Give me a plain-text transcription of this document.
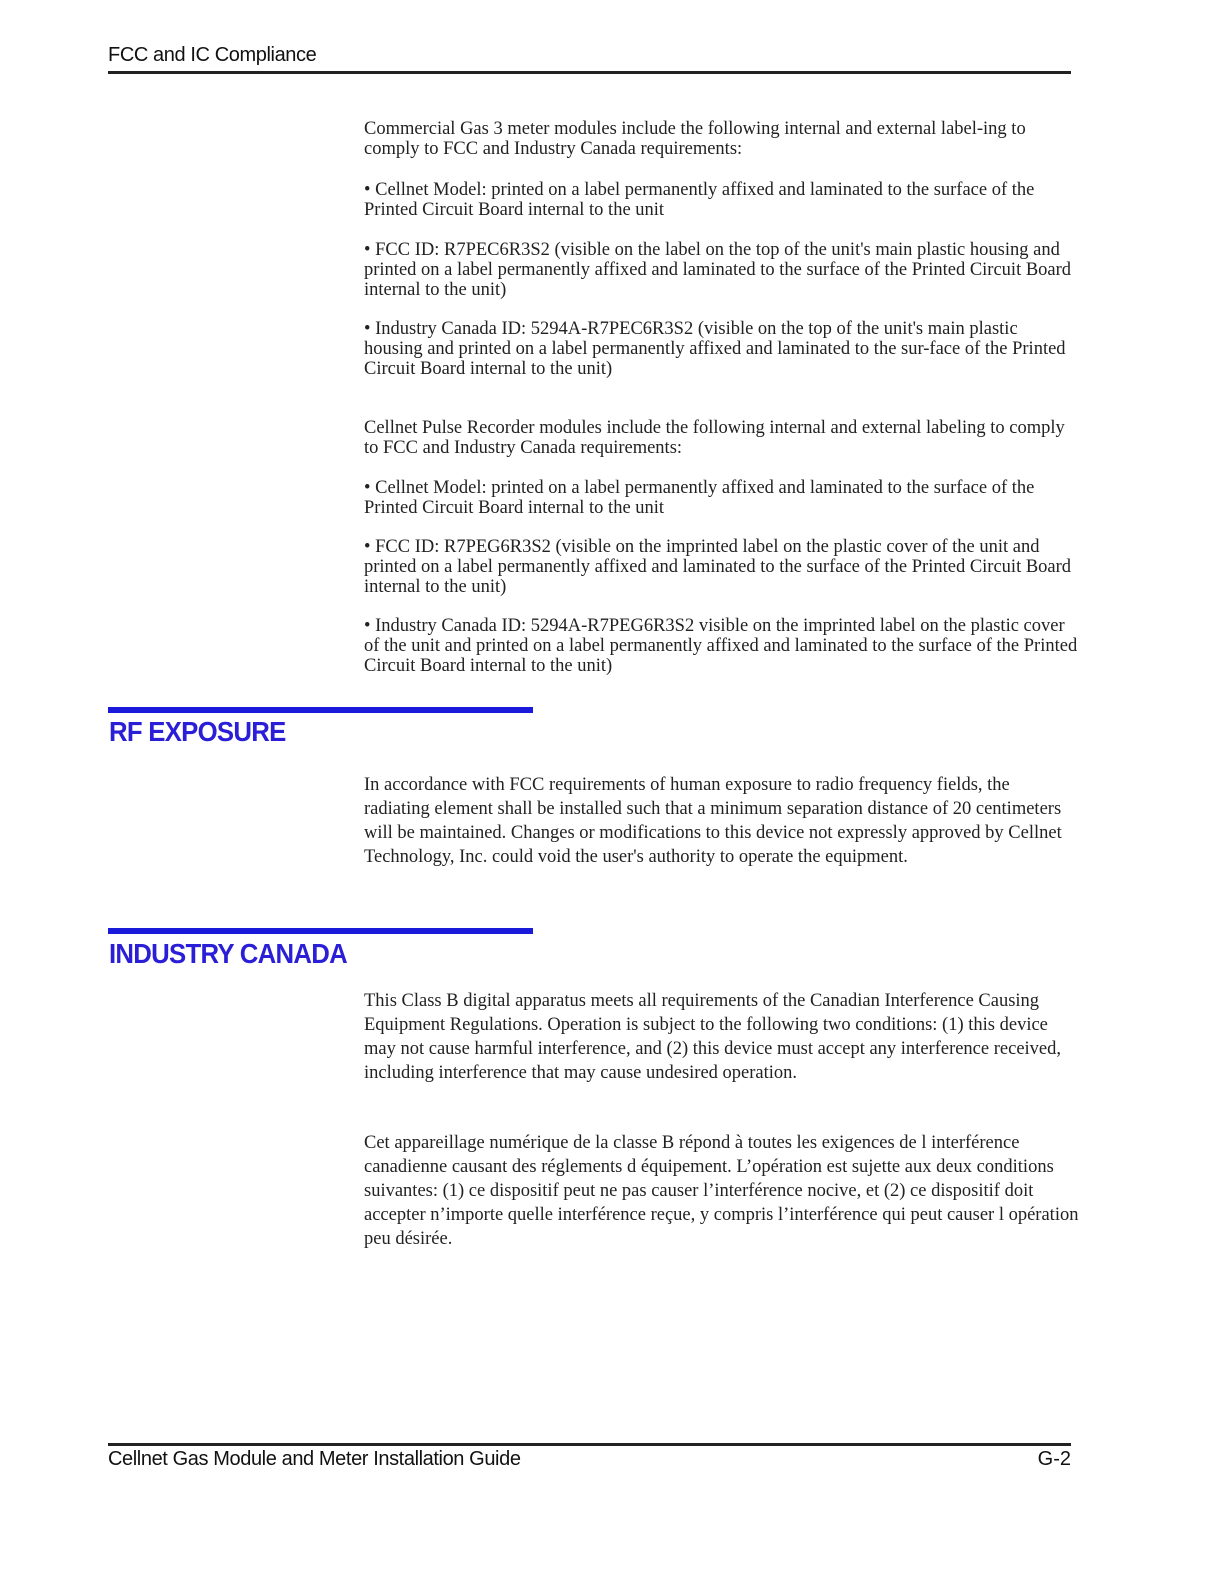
FCC and IC Compliance

Commercial Gas 3 meter modules include the following internal and external label-ing to comply to FCC and Industry Canada requirements:

• Cellnet Model: printed on a label permanently affixed and laminated to the surface of the Printed Circuit Board internal to the unit

• FCC ID: R7PEC6R3S2 (visible on the label on the top of the unit's main plastic housing and printed on a label permanently affixed and laminated to the surface of the Printed Circuit Board internal to the unit)

• Industry Canada ID: 5294A-R7PEC6R3S2 (visible on the top of the unit's main plastic housing and printed on a label permanently affixed and laminated to the sur-face of the Printed Circuit Board internal to the unit)

Cellnet Pulse Recorder modules include the following internal and external labeling to comply to FCC and Industry Canada requirements:

• Cellnet Model: printed on a label permanently affixed and laminated to the surface of the Printed Circuit Board internal to the unit

• FCC ID: R7PEG6R3S2 (visible on the imprinted label on the plastic cover of the unit and printed on a label permanently affixed and laminated to the surface of the Printed Circuit Board internal to the unit)

• Industry Canada ID: 5294A-R7PEG6R3S2 visible on the imprinted label on the plastic cover of the unit and printed on a label permanently affixed and laminated to the surface of the Printed Circuit Board internal to the unit)

RF EXPOSURE

In accordance with FCC requirements of human exposure to radio frequency fields, the radiating element shall be installed such that a minimum separation distance of 20 centimeters will be maintained. Changes or modifications to this device not expressly approved by Cellnet Technology, Inc. could void the user's authority to operate the equipment.

INDUSTRY CANADA

This Class B digital apparatus meets all requirements of the Canadian Interference Causing Equipment Regulations. Operation is subject to the following two conditions: (1) this device may not cause harmful interference, and (2) this device must accept any interference received, including interference that may cause undesired operation.

Cet appareillage numérique de la classe B répond à toutes les exigences de l interférence canadienne causant des réglements d équipement. L’opération est sujette aux deux conditions suivantes: (1) ce dispositif peut ne pas causer l’interférence nocive, et (2) ce dispositif doit accepter n’importe quelle interférence reçue, y compris l’interférence qui peut causer l opération peu désirée.

Cellnet Gas Module and Meter Installation Guide	G-2
